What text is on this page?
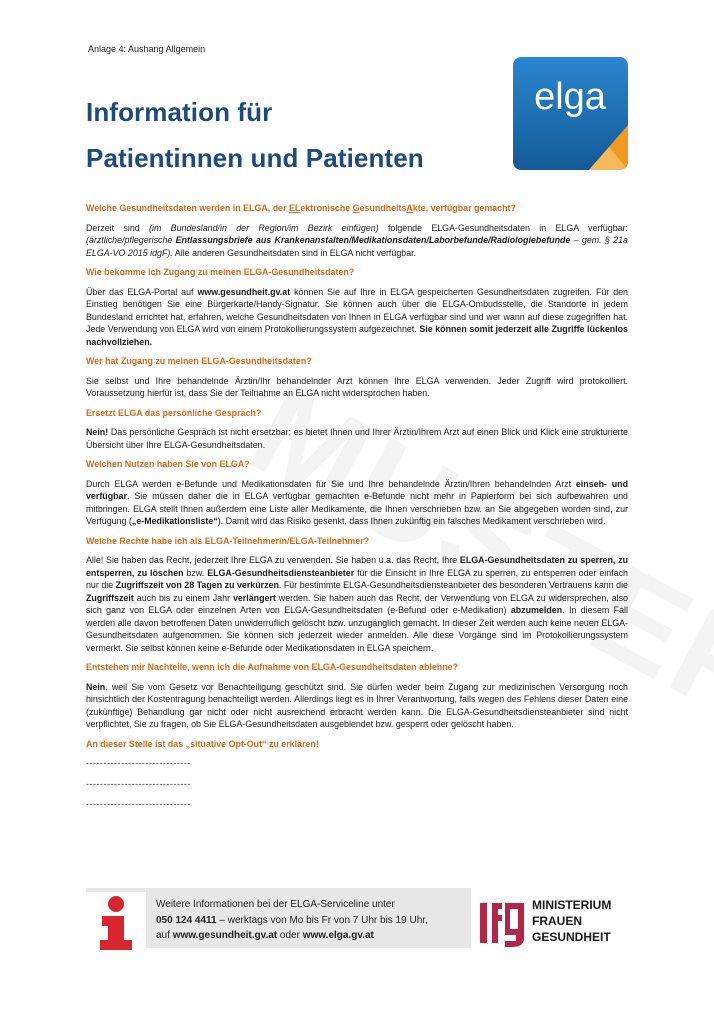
Anlage 4: Aushang Allgemein
Information für
Patientinnen und Patienten
elga
Welche Gesundheitsdaten werden in ELGA, der ELektronische GesundheitsAkte, verfügbar gemacht?
Derzeit sind (im Bundesland/in der Region/im Bezirk einfügen) folgende ELGA-Gesundheitsdaten in ELGA verfügbar: (ärztliche/pflegerische Entlassungsbriefe aus Krankenanstalten/Medikationsdaten/Laborbefunde/Radiologiebefunde – gem. § 21a ELGA-VO 2015 idgF). Alle anderen Gesundheitsdaten sind in ELGA nicht verfügbar.
Wie bekomme ich Zugang zu meinen ELGA-Gesundheitsdaten?
Über das ELGA-Portal auf www.gesundheit.gv.at können Sie auf Ihre in ELGA gespeicherten Gesundheitsdaten zugreifen. Für den Einstieg benötigen Sie eine Bürgerkarte/Handy-Signatur. Sie können auch über die ELGA-Ombudsstelle, die Standorte in jedem Bundesland errichtet hat, erfahren, welche Gesundheitsdaten von Ihnen in ELGA verfügbar sind und wer wann auf diese zugegriffen hat. Jede Verwendung von ELGA wird von einem Protokollierungssystem aufgezeichnet. Sie können somit jederzeit alle Zugriffe lückenlos nachvollziehen.
Wer hat Zugang zu meinen ELGA-Gesundheitsdaten?
Sie selbst und Ihre behandelnde Ärztin/Ihr behandelnder Arzt können Ihre ELGA verwenden. Jeder Zugriff wird protokolliert. Voraussetzung hierfür ist, dass Sie der Teilnahme an ELGA nicht widersprochen haben.
Ersetzt ELGA das persönliche Gespräch?
Nein! Das persönliche Gespräch ist nicht ersetzbar; es bietet Ihnen und Ihrer Ärztin/Ihrem Arzt auf einen Blick und Klick eine strukturierte Übersicht über Ihre ELGA-Gesundheitsdaten.
Welchen Nutzen haben Sie von ELGA?
Durch ELGA werden e-Befunde und Medikationsdaten für Sie und Ihre behandelnde Ärztin/Ihren behandelnden Arzt einseh- und verfügbar. Sie müssen daher die in ELGA verfügbar gemachten e-Befunde nicht mehr in Papierform bei sich aufbewahren und mitbringen. ELGA stellt Ihnen außerdem eine Liste aller Medikamente, die Ihnen verschrieben bzw. an Sie abgegeben worden sind, zur Verfügung („e-Medikationsliste“). Damit wird das Risiko gesenkt, dass Ihnen zukünftig ein falsches Medikament verschrieben wird.
Welche Rechte habe ich als ELGA-Teilnehmerin/ELGA-Teilnehmer?
Alle! Sie haben das Recht, jederzeit Ihre ELGA zu verwenden. Sie haben u.a. das Recht, Ihre ELGA-Gesundheitsdaten zu sperren, zu entsperren, zu löschen bzw. ELGA-Gesundheitsdiensteanbieter für die Einsicht in Ihre ELGA zu sperren, zu entsperren oder einfach nur die Zugriffszeit von 28 Tagen zu verkürzen. Für bestimmte ELGA-Gesundheitsdiensteanbieter des besonderen Vertrauens kann die Zugriffszeit auch bis zu einem Jahr verlängert werden. Sie haben auch das Recht, der Verwendung von ELGA zu widersprechen, also sich ganz von ELGA oder einzelnen Arten von ELGA-Gesundheitsdaten (e-Befund oder e-Medikation) abzumelden. In diesem Fall werden alle davon betroffenen Daten unwiderruflich gelöscht bzw. unzugänglich gemacht. In dieser Zeit werden auch keine neuen ELGA-Gesundheitsdaten aufgenommen. Sie können sich jederzeit wieder anmelden. Alle diese Vorgänge sind im Protokollierungssystem vermerkt. Sie selbst können keine e-Befunde oder Medikationsdaten in ELGA speichern.
Entstehen mir Nachteile, wenn ich die Aufnahme von ELGA-Gesundheitsdaten ablehne?
Nein, weil Sie vom Gesetz vor Benachteiligung geschützt sind. Sie dürfen weder beim Zugang zur medizinischen Versorgung noch hinsichtlich der Kostentragung benachteiligt werden. Allerdings liegt es in Ihrer Verantwortung, falls wegen des Fehlens dieser Daten eine (zukünftige) Behandlung gar nicht oder nicht ausreichend erbracht werden kann. Die ELGA-Gesundheitsdiensteanbieter sind nicht verpflichtet, Sie zu fragen, ob Sie ELGA-Gesundheitsdaten ausgeblendet bzw. gesperrt oder gelöscht haben.
An dieser Stelle ist das „situative Opt-Out“ zu erklären!
------------------------------
------------------------------
------------------------------
Weitere Informationen bei der ELGA-Serviceline unter
050 124 4411 – werktags von Mo bis Fr von 7 Uhr bis 19 Uhr,
auf www.gesundheit.gv.at oder www.elga.gv.at
MINISTERIUM
FRAUEN
GESUNDHEIT
